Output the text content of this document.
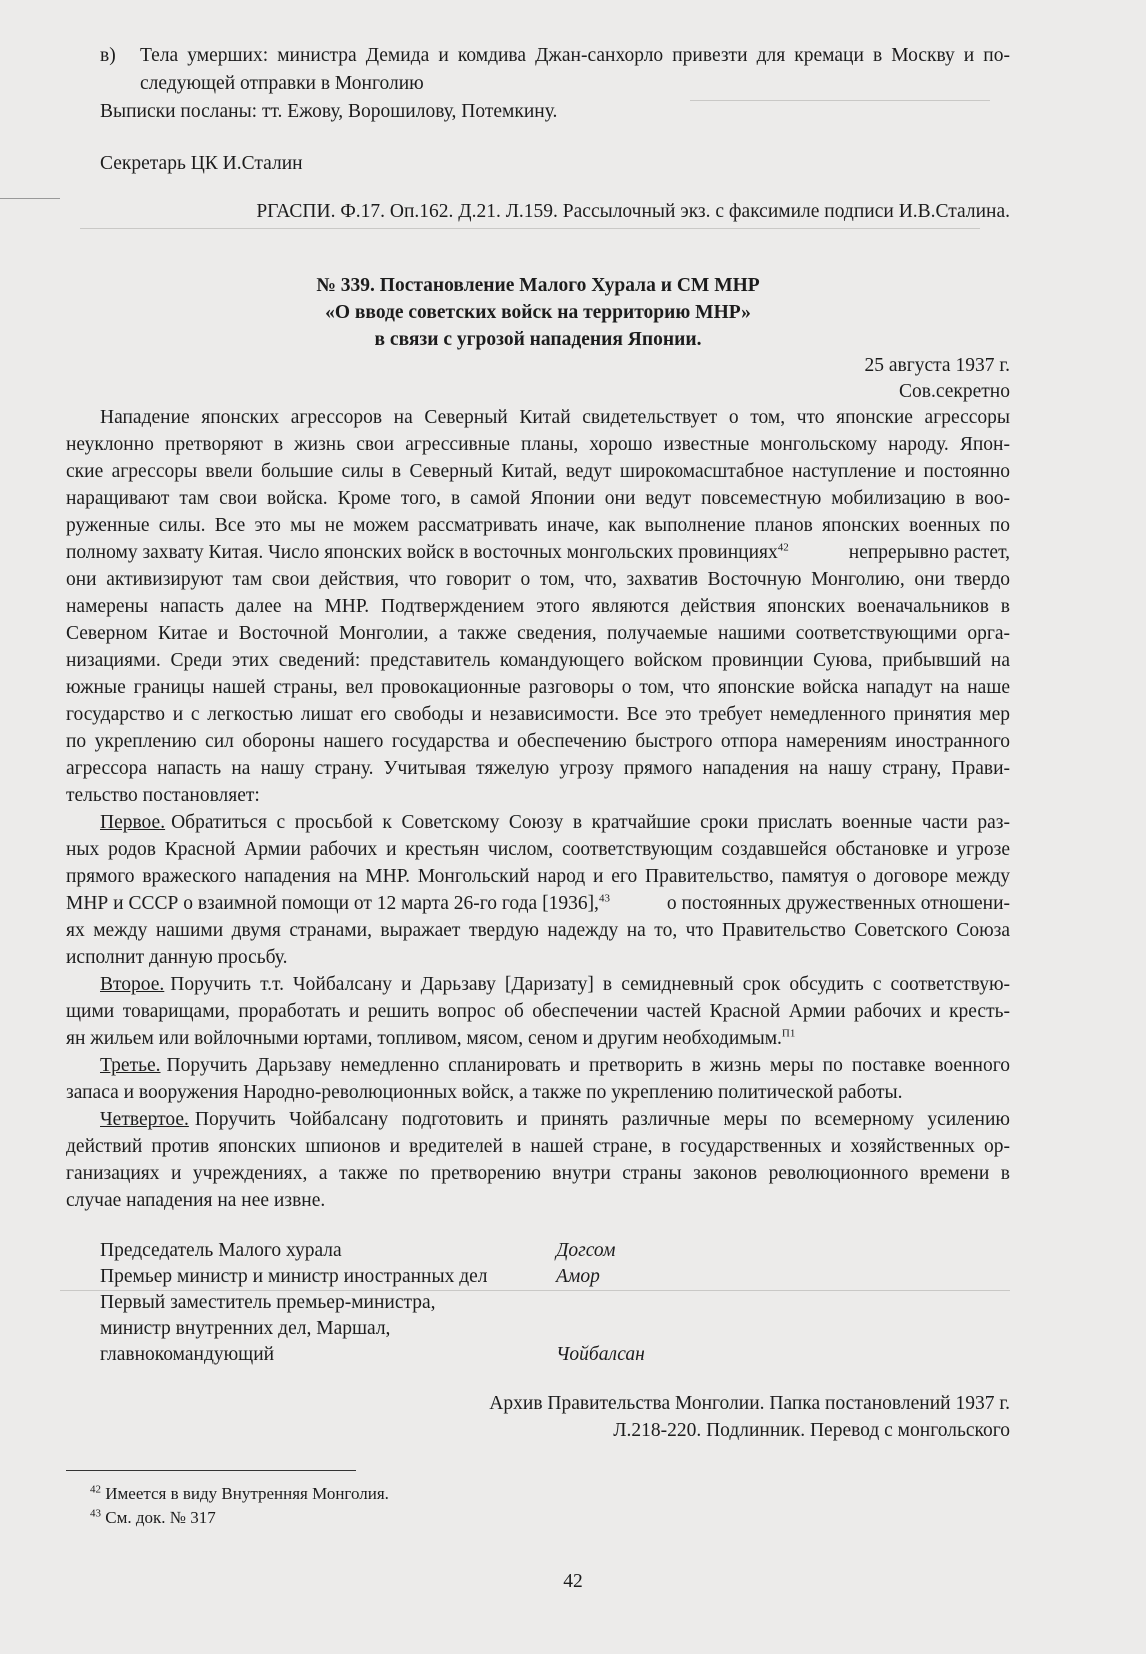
в) Тела умерших: министра Демида и комдива Джан-санхорло привезти для кремаци в Москву и по-
следующей отправки в Монголию
Выписки посланы: тт. Ежову, Ворошилову, Потемкину.
Секретарь ЦК И.Сталин
РГАСПИ. Ф.17. Оп.162. Д.21. Л.159. Рассылочный экз. с факсимиле подписи И.В.Сталина.
№ 339. Постановление Малого Хурала и СМ МНР
«О вводе советских войск на территорию МНР»
в связи с угрозой нападения Японии.
25 августа 1937 г.
Сов.секретно
Нападение японских агрессоров на Северный Китай свидетельствует о том, что японские агрессоры
неуклонно претворяют в жизнь свои агрессивные планы, хорошо известные монгольскому народу. Япон-
ские агрессоры ввели большие силы в Северный Китай, ведут широкомасштабное наступление и постоянно
наращивают там свои войска. Кроме того, в самой Японии они ведут повсеместную мобилизацию в воо-
руженные силы. Все это мы не можем рассматривать иначе, как выполнение планов японских военных по
полному захвату Китая. Число японских войск в восточных монгольских провинциях$^{42}$	непрерывно растет,
они активизируют там свои действия, что говорит о том, что, захватив Восточную Монголию, они твердо
намерены напасть далее на МНР. Подтверждением этого являются действия японских военачальников в
Северном Китае и Восточной Монголии, а также сведения, получаемые нашими соответствующими орга-
низациями. Среди этих сведений: представитель командующего войском провинции Суюва, прибывший на
южные границы нашей страны, вел провокационные разговоры о том, что японские войска нападут на наше
государство и с легкостью лишат его свободы и независимости. Все это требует немедленного принятия мер
по укреплению сил обороны нашего государства и обеспечению быстрого отпора намерениям иностранного
агрессора напасть на нашу страну. Учитывая тяжелую угрозу прямого нападения на нашу страну, Прави-
тельство постановляет:
Первое. Обратиться с просьбой к Советскому Союзу в кратчайшие сроки прислать военные части раз-
ных родов Красной Армии рабочих и крестьян числом, соответствующим создавшейся обстановке и угрозе
прямого вражеского нападения на МНР. Монгольский народ и его Правительство, памятуя о договоре между
МНР и СССР о взаимной помощи от 12 марта 26-го года [1936],$^{43}$	о постоянных дружественных отношени-
ях между нашими двумя странами, выражает твердую надежду на то, что Правительство Советского Союза
исполнит данную просьбу.
Второе. Поручить т.т. Чойбалсану и Дарьзаву [Даризату] в семидневный срок обсудить с соответствую-
щими товарищами, проработать и решить вопрос об обеспечении частей Красной Армии рабочих и кресть-
ян жильем или войлочными юртами, топливом, мясом, сеном и другим необходимым.$^{П1}$
Третье. Поручить Дарьзаву немедленно спланировать и претворить в жизнь меры по поставке военного
запаса и вооружения Народно-революционных войск, а также по укреплению политической работы.
Четвертое. Поручить Чойбалсану подготовить и принять различные меры по всемерному усилению
действий против японских шпионов и вредителей в нашей стране, в государственных и хозяйственных ор-
ганизациях и учреждениях, а также по претворению внутри страны законов революционного времени в
случае нападения на нее извне.
Председатель Малого хурала	Догсом
Премьер министр и министр иностранных дел	Амор
Первый заместитель премьер-министра,
министр внутренних дел, Маршал,
главнокомандующий	Чойбалсан
Архив Правительства Монголии. Папка постановлений 1937 г.
Л.218-220. Подлинник. Перевод с монгольского
$^{42}$ Имеется в виду Внутренняя Монголия.
$^{43}$ См. док. № 317
42
